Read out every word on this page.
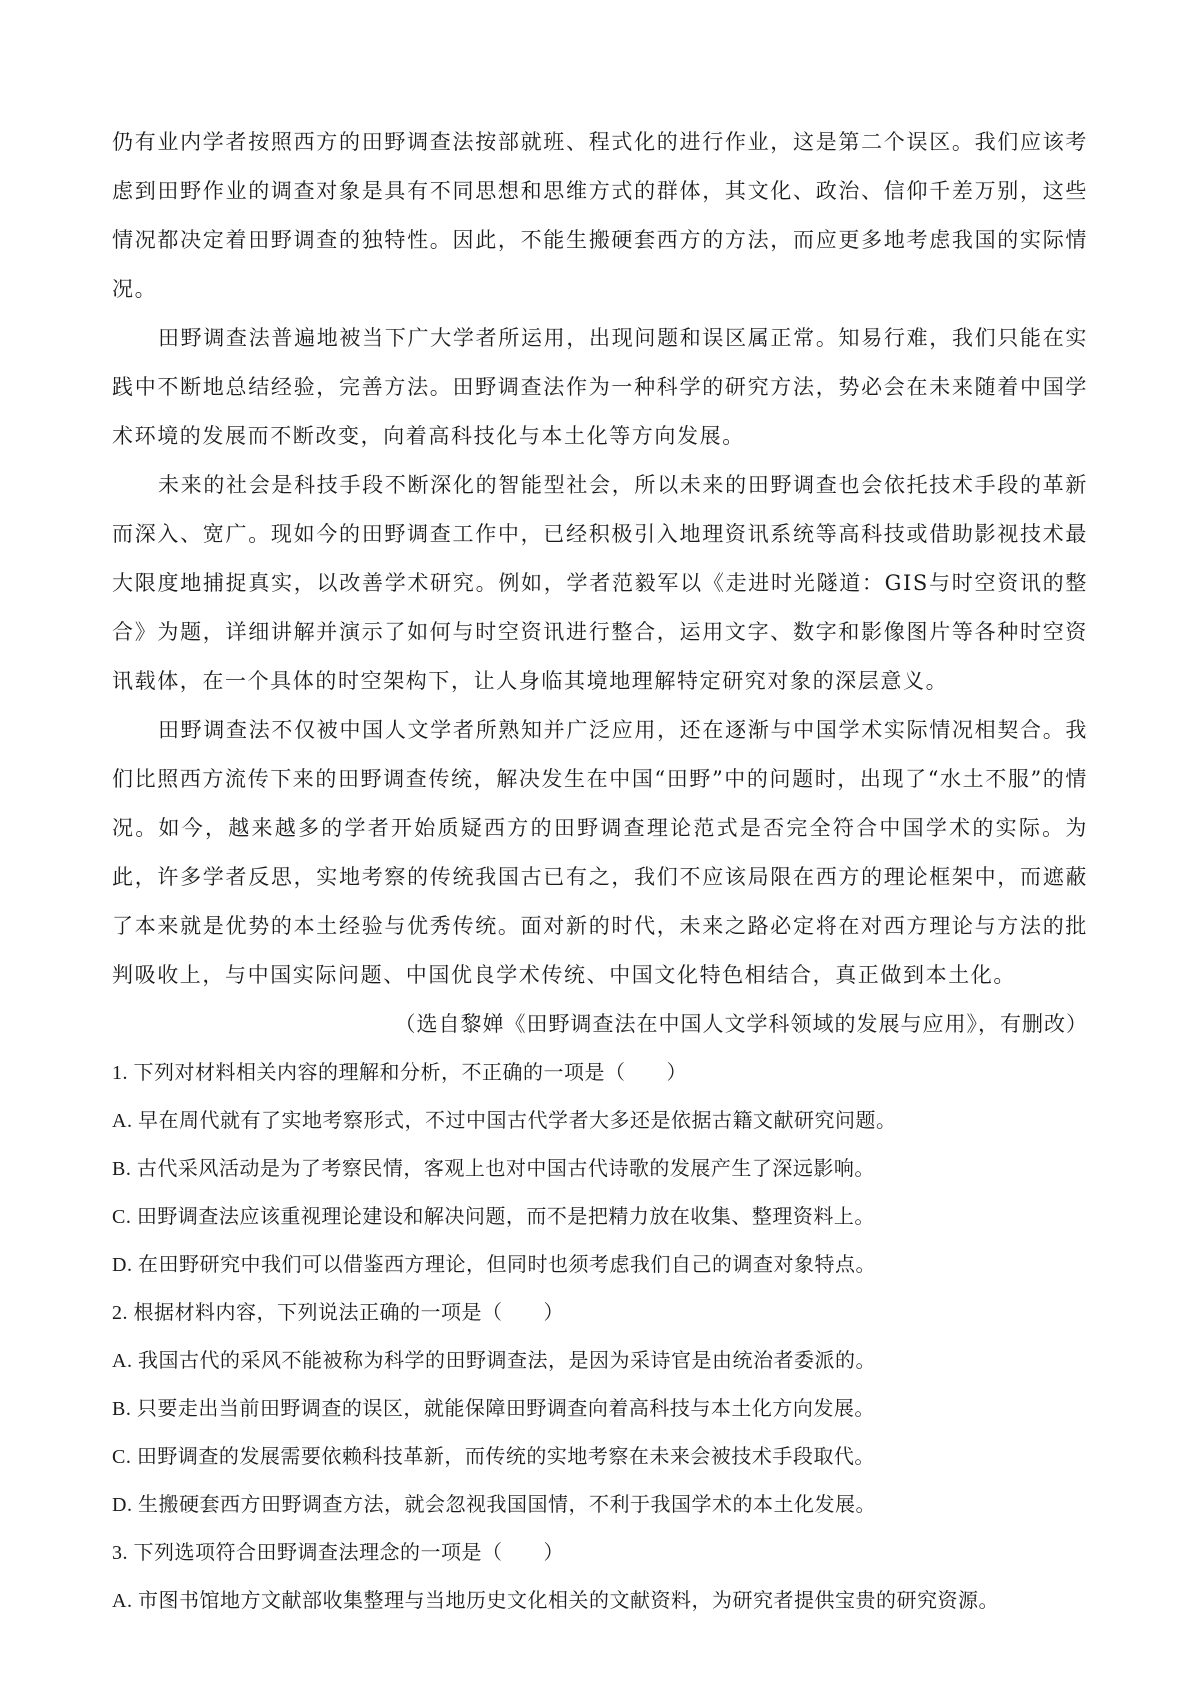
仍有业内学者按照西方的田野调查法按部就班、程式化的进行作业，这是第二个误区。我们应该考虑到田野作业的调查对象是具有不同思想和思维方式的群体，其文化、政治、信仰千差万别，这些情况都决定着田野调查的独特性。因此，不能生搬硬套西方的方法，而应更多地考虑我国的实际情况。

田野调查法普遍地被当下广大学者所运用，出现问题和误区属正常。知易行难，我们只能在实践中不断地总结经验，完善方法。田野调查法作为一种科学的研究方法，势必会在未来随着中国学术环境的发展而不断改变，向着高科技化与本土化等方向发展。

未来的社会是科技手段不断深化的智能型社会，所以未来的田野调查也会依托技术手段的革新而深入、宽广。现如今的田野调查工作中，已经积极引入地理资讯系统等高科技或借助影视技术最大限度地捕捉真实，以改善学术研究。例如，学者范毅军以《走进时光隧道：GIS与时空资讯的整合》为题，详细讲解并演示了如何与时空资讯进行整合，运用文字、数字和影像图片等各种时空资讯载体，在一个具体的时空架构下，让人身临其境地理解特定研究对象的深层意义。

田野调查法不仅被中国人文学者所熟知并广泛应用，还在逐渐与中国学术实际情况相契合。我们比照西方流传下来的田野调查传统，解决发生在中国“田野”中的问题时，出现了“水土不服”的情况。如今，越来越多的学者开始质疑西方的田野调查理论范式是否完全符合中国学术的实际。为此，许多学者反思，实地考察的传统我国古已有之，我们不应该局限在西方的理论框架中，而遮蔽了本来就是优势的本土经验与优秀传统。面对新的时代，未来之路必定将在对西方理论与方法的批判吸收上，与中国实际问题、中国优良学术传统、中国文化特色相结合，真正做到本土化。

（选自黎婵《田野调查法在中国人文学科领域的发展与应用》，有删改）

1. 下列对材料相关内容的理解和分析，不正确的一项是（　　）

A. 早在周代就有了实地考察形式，不过中国古代学者大多还是依据古籍文献研究问题。

B. 古代采风活动是为了考察民情，客观上也对中国古代诗歌的发展产生了深远影响。

C. 田野调查法应该重视理论建设和解决问题，而不是把精力放在收集、整理资料上。

D. 在田野研究中我们可以借鉴西方理论，但同时也须考虑我们自己的调查对象特点。

2. 根据材料内容，下列说法正确的一项是（　　）

A. 我国古代的采风不能被称为科学的田野调查法，是因为采诗官是由统治者委派的。

B. 只要走出当前田野调查的误区，就能保障田野调查向着高科技与本土化方向发展。

C. 田野调查的发展需要依赖科技革新，而传统的实地考察在未来会被技术手段取代。

D. 生搬硬套西方田野调查方法，就会忽视我国国情，不利于我国学术的本土化发展。

3. 下列选项符合田野调查法理念的一项是（　　）

A. 市图书馆地方文献部收集整理与当地历史文化相关的文献资料，为研究者提供宝贵的研究资源。
